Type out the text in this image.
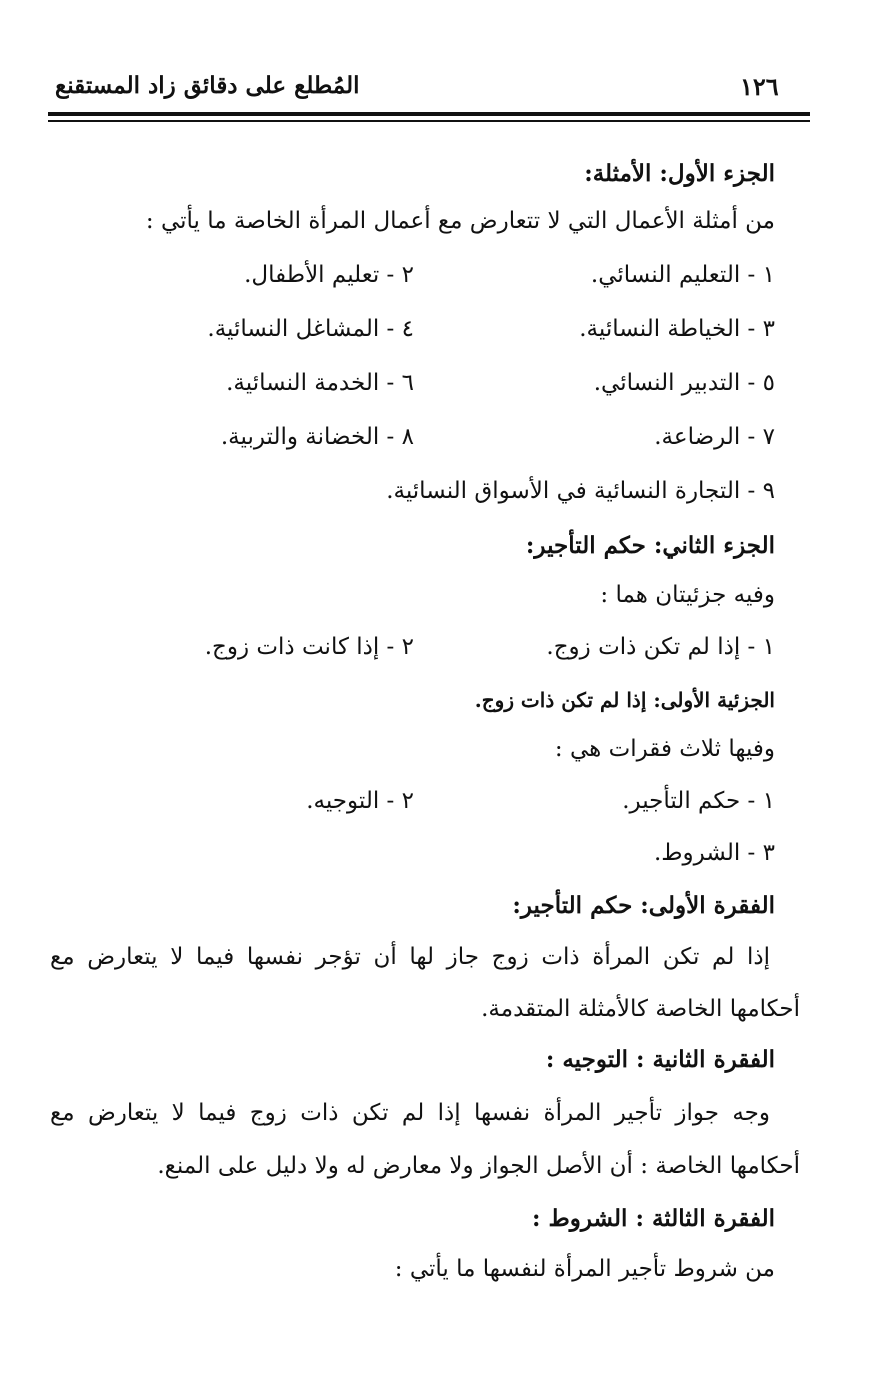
المُطلع على دقائق زاد المستقنع	١٢٦
الجزء الأول: الأمثلة:
من أمثلة الأعمال التي لا تتعارض مع أعمال المرأة الخاصة ما يأتي :
١ - التعليم النسائي.
٢ - تعليم الأطفال.
٣ - الخياطة النسائية.
٤ - المشاغل النسائية.
٥ - التدبير النسائي.
٦ - الخدمة النسائية.
٧ - الرضاعة.
٨ - الخضانة والتربية.
٩ - التجارة النسائية في الأسواق النسائية.
الجزء الثاني: حكم التأجير:
وفيه جزئيتان هما :
١ - إذا لم تكن ذات زوج.
٢ - إذا كانت ذات زوج.
الجزئية الأولى: إذا لم تكن ذات زوج.
وفيها ثلاث فقرات هي :
١ - حكم التأجير.
٢ - التوجيه.
٣ - الشروط.
الفقرة الأولى: حكم التأجير:
إذا لم تكن المرأة ذات زوج جاز لها أن تؤجر نفسها فيما لا يتعارض مع
أحكامها الخاصة كالأمثلة المتقدمة.
الفقرة الثانية : التوجيه :
وجه جواز تأجير المرأة نفسها إذا لم تكن ذات زوج فيما لا يتعارض مع
أحكامها الخاصة : أن الأصل الجواز ولا معارض له ولا دليل على المنع.
الفقرة الثالثة : الشروط :
من شروط تأجير المرأة لنفسها ما يأتي :
